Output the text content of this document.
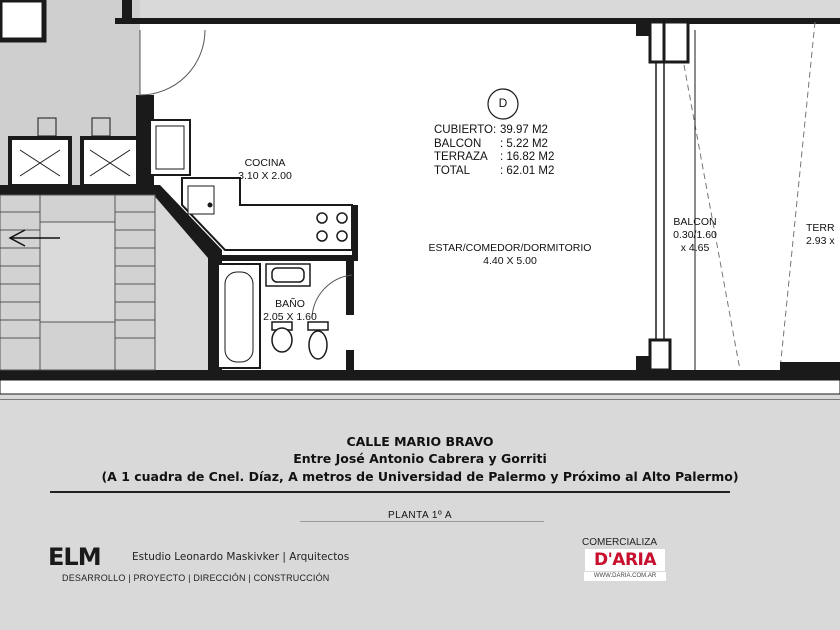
D
CUBIERTO: 39.97 M2
BALCON	: 5.22 M2
TERRAZA	: 16.82 M2
TOTAL	: 62.01 M2
COCINA
3.10 X 2.00
ESTAR/COMEDOR/DORMITORIO
4.40 X 5.00
BAÑO
2.05 X 1.60
BALCON
0.30/1.60
x 4.65
TERR
2.93 x
CALLE MARIO BRAVO
Entre José Antonio Cabrera y Gorriti
(A 1 cuadra de Cnel. Díaz, A metros de Universidad de Palermo y Próximo al Alto Palermo)
PLANTA 1º A
ELM	Estudio Leonardo Maskivker | Arquitectos
DESARROLLO | PROYECTO | DIRECCIÓN | CONSTRUCCIÓN
COMERCIALIZA
D'ARIA
WWW.DARIA.COM.AR
